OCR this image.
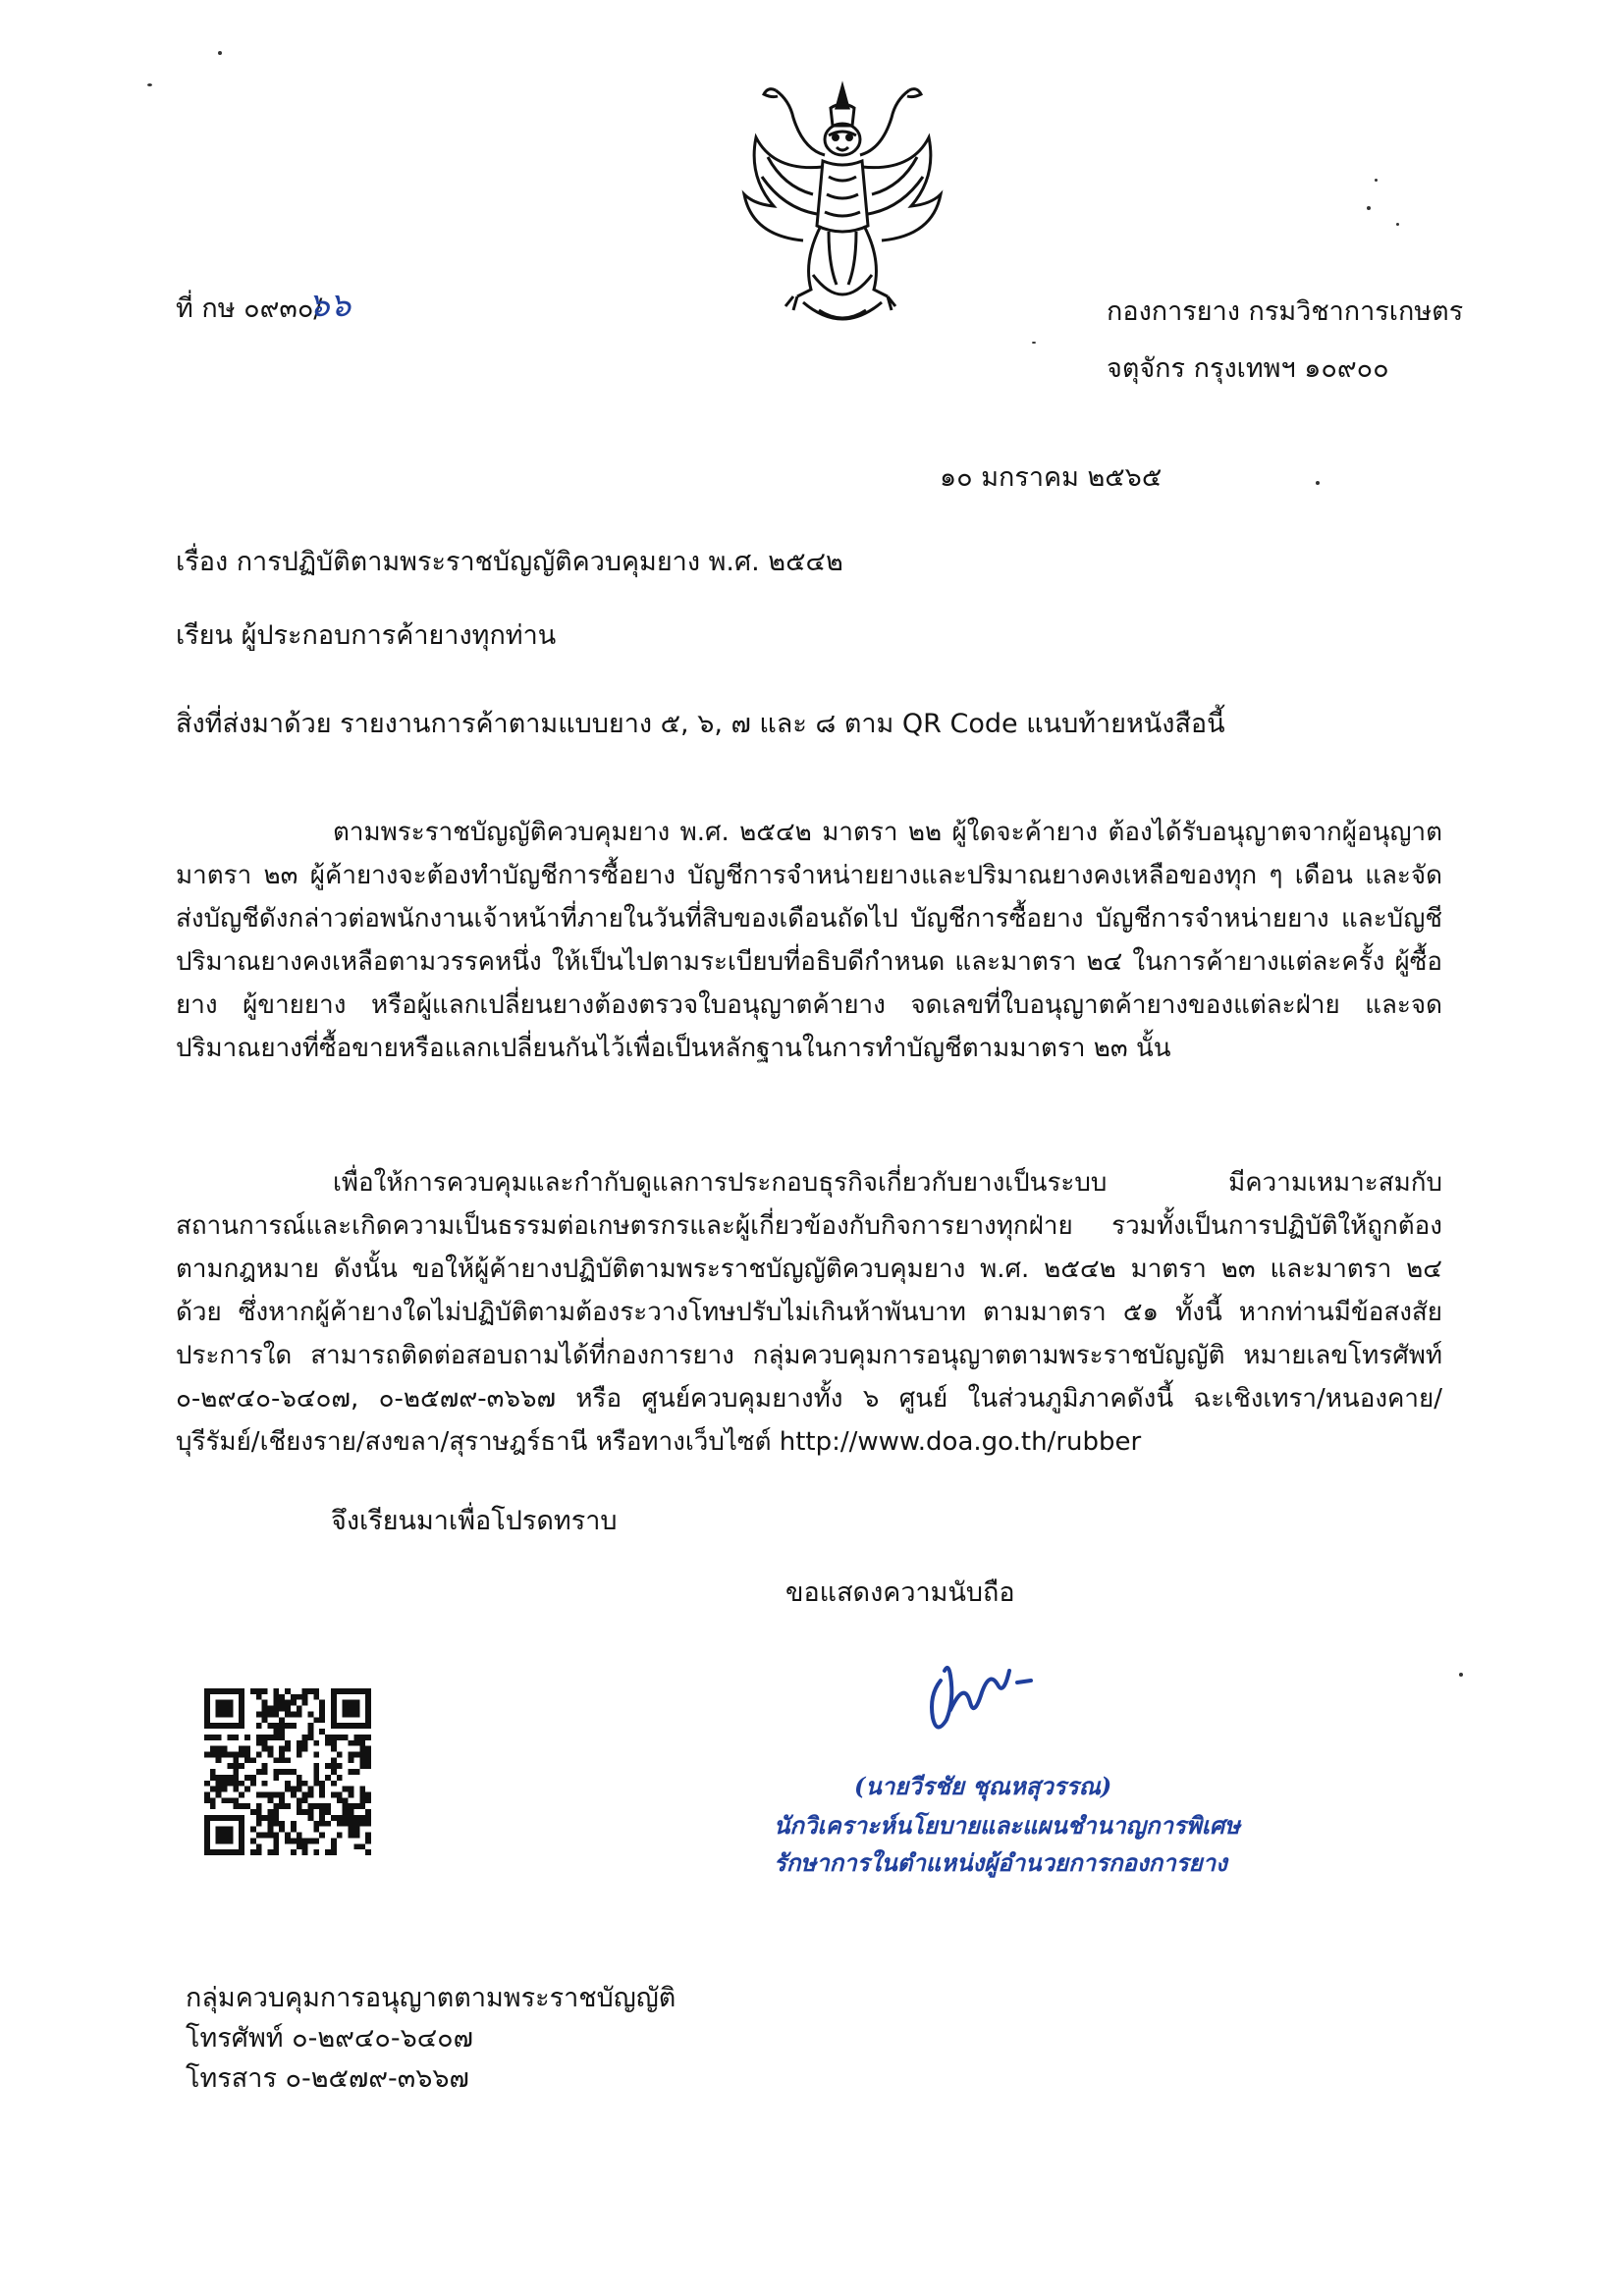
ที่ กษ ๐๙๓๐/
๖๖	กองการยาง กรมวิชาการเกษตร
จตุจักร กรุงเทพฯ ๑๐๙๐๐
๑๐ มกราคม ๒๕๖๕
เรื่อง การปฏิบัติตามพระราชบัญญัติควบคุมยาง พ.ศ. ๒๕๔๒
เรียน ผู้ประกอบการค้ายางทุกท่าน
สิ่งที่ส่งมาด้วย รายงานการค้าตามแบบยาง ๕, ๖, ๗ และ ๘ ตาม QR Code แนบท้ายหนังสือนี้

ตามพระราชบัญญัติควบคุมยาง พ.ศ. ๒๕๔๒ มาตรา ๒๒ ผู้ใดจะค้ายาง ต้องได้รับอนุญาตจากผู้อนุญาต มาตรา ๒๓ ผู้ค้ายางจะต้องทำบัญชีการซื้อยาง บัญชีการจำหน่ายยางและปริมาณยางคงเหลือของทุก ๆ เดือน และจัดส่งบัญชีดังกล่าวต่อพนักงานเจ้าหน้าที่ภายในวันที่สิบของเดือนถัดไป บัญชีการซื้อยาง บัญชีการจำหน่ายยาง และบัญชีปริมาณยางคงเหลือตามวรรคหนึ่ง ให้เป็นไปตามระเบียบที่อธิบดีกำหนด และมาตรา ๒๔ ในการค้ายางแต่ละครั้ง ผู้ซื้อยาง ผู้ขายยาง หรือผู้แลกเปลี่ยนยางต้องตรวจใบอนุญาตค้ายาง จดเลขที่ใบอนุญาตค้ายางของแต่ละฝ่าย และจดปริมาณยางที่ซื้อขายหรือแลกเปลี่ยนกันไว้เพื่อเป็นหลักฐานในการทำบัญชีตามมาตรา ๒๓ นั้น

เพื่อให้การควบคุมและกำกับดูแลการประกอบธุรกิจเกี่ยวกับยางเป็นระบบ มีความเหมาะสมกับสถานการณ์และเกิดความเป็นธรรมต่อเกษตรกรและผู้เกี่ยวข้องกับกิจการยางทุกฝ่าย รวมทั้งเป็นการปฏิบัติให้ถูกต้องตามกฎหมาย ดังนั้น ขอให้ผู้ค้ายางปฏิบัติตามพระราชบัญญัติควบคุมยาง พ.ศ. ๒๕๔๒ มาตรา ๒๓ และมาตรา ๒๔ ด้วย ซึ่งหากผู้ค้ายางใดไม่ปฏิบัติตามต้องระวางโทษปรับไม่เกินห้าพันบาท ตามมาตรา ๕๑ ทั้งนี้ หากท่านมีข้อสงสัยประการใด สามารถติดต่อสอบถามได้ที่กองการยาง กลุ่มควบคุมการอนุญาตตามพระราชบัญญัติ หมายเลขโทรศัพท์ ๐-๒๙๔๐-๖๔๐๗, ๐-๒๕๗๙-๓๖๖๗ หรือ ศูนย์ควบคุมยางทั้ง ๖ ศูนย์ ในส่วนภูมิภาคดังนี้ ฉะเชิงเทรา/หนองคาย/บุรีรัมย์/เชียงราย/สงขลา/สุราษฎร์ธานี หรือทางเว็บไซต์ http://www.doa.go.th/rubber

จึงเรียนมาเพื่อโปรดทราบ
ขอแสดงความนับถือ
(นายวีรชัย ชุณหสุวรรณ)
นักวิเคราะห์นโยบายและแผนชำนาญการพิเศษ
รักษาการในตำแหน่งผู้อำนวยการกองการยาง
กลุ่มควบคุมการอนุญาตตามพระราชบัญญัติ
โทรศัพท์ ๐-๒๙๔๐-๖๔๐๗
โทรสาร ๐-๒๕๗๙-๓๖๖๗
